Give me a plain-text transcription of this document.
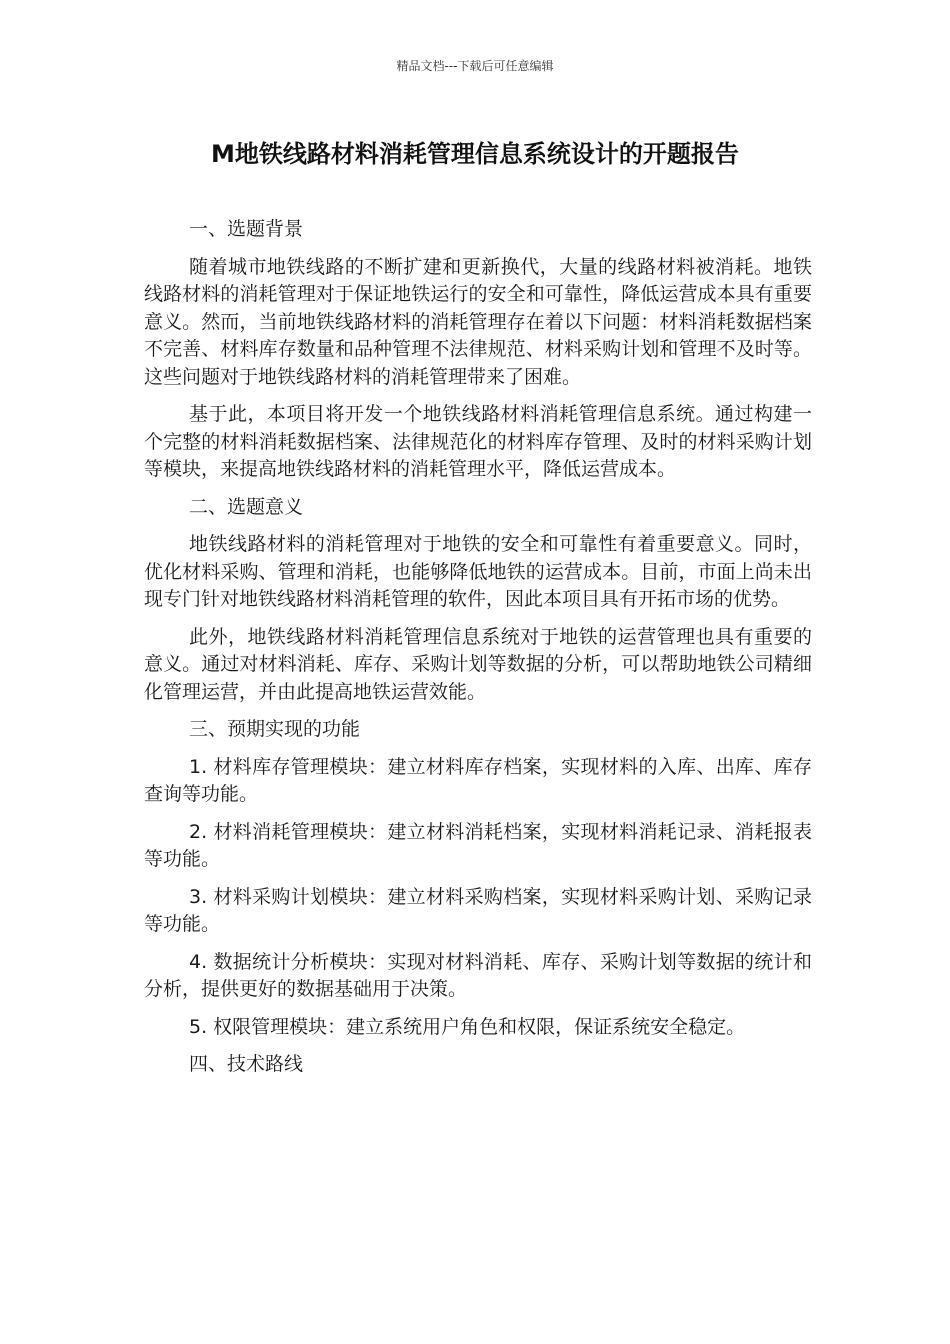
精品文档---下载后可任意编辑
M地铁线路材料消耗管理信息系统设计的开题报告

一、选题背景

随着城市地铁线路的不断扩建和更新换代，大量的线路材料被消耗。地铁线路材料的消耗管理对于保证地铁运行的安全和可靠性，降低运营成本具有重要意义。然而，当前地铁线路材料的消耗管理存在着以下问题：材料消耗数据档案不完善、材料库存数量和品种管理不法律规范、材料采购计划和管理不及时等。这些问题对于地铁线路材料的消耗管理带来了困难。

基于此，本项目将开发一个地铁线路材料消耗管理信息系统。通过构建一个完整的材料消耗数据档案、法律规范化的材料库存管理、及时的材料采购计划等模块，来提高地铁线路材料的消耗管理水平，降低运营成本。

二、选题意义

地铁线路材料的消耗管理对于地铁的安全和可靠性有着重要意义。同时，优化材料采购、管理和消耗，也能够降低地铁的运营成本。目前，市面上尚未出现专门针对地铁线路材料消耗管理的软件，因此本项目具有开拓市场的优势。

此外，地铁线路材料消耗管理信息系统对于地铁的运营管理也具有重要的意义。通过对材料消耗、库存、采购计划等数据的分析，可以帮助地铁公司精细化管理运营，并由此提高地铁运营效能。

三、预期实现的功能

1. 材料库存管理模块：建立材料库存档案，实现材料的入库、出库、库存查询等功能。

2. 材料消耗管理模块：建立材料消耗档案，实现材料消耗记录、消耗报表等功能。

3. 材料采购计划模块：建立材料采购档案，实现材料采购计划、采购记录等功能。

4. 数据统计分析模块：实现对材料消耗、库存、采购计划等数据的统计和分析，提供更好的数据基础用于决策。

5. 权限管理模块：建立系统用户角色和权限，保证系统安全稳定。

四、技术路线
